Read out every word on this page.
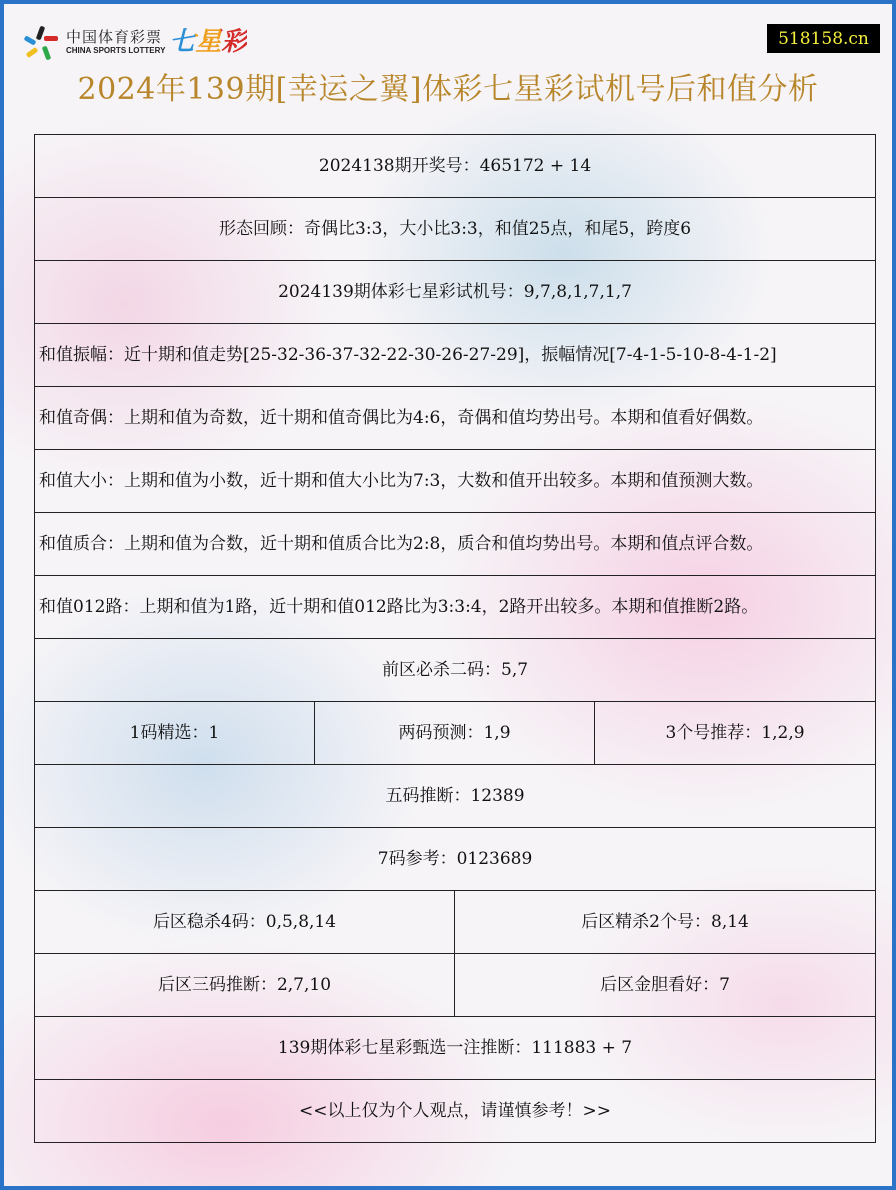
中国体育彩票
CHINA SPORTS LOTTERY 七星彩	518158.cn
2024年139期[幸运之翼]体彩七星彩试机号后和值分析
2024138期开奖号：465172 + 14			
形态回顾：奇偶比3:3，大小比3:3，和值25点，和尾5，跨度6			
2024139期体彩七星彩试机号：9,7,8,1,7,1,7			
和值振幅：近十期和值走势[25-32-36-37-32-22-30-26-27-29]，振幅情况[7-4-1-5-10-8-4-1-2]			
和值奇偶：上期和值为奇数，近十期和值奇偶比为4:6，奇偶和值均势出号。本期和值看好偶数。			
和值大小：上期和值为小数，近十期和值大小比为7:3，大数和值开出较多。本期和值预测大数。			
和值质合：上期和值为合数，近十期和值质合比为2:8，质合和值均势出号。本期和值点评合数。			
和值012路：上期和值为1路，近十期和值012路比为3:3:4，2路开出较多。本期和值推断2路。			
前区必杀二码：5,7			
1码精选：1	两码预测：1,9		3个号推荐：1,2,9
五码推断：12389			
7码参考：0123689			
后区稳杀4码：0,5,8,14		后区精杀2个号：8,14	
后区三码推断：2,7,10		后区金胆看好：7	
139期体彩七星彩甄选一注推断：111883 + 7			
<<以上仅为个人观点，请谨慎参考！>>			
